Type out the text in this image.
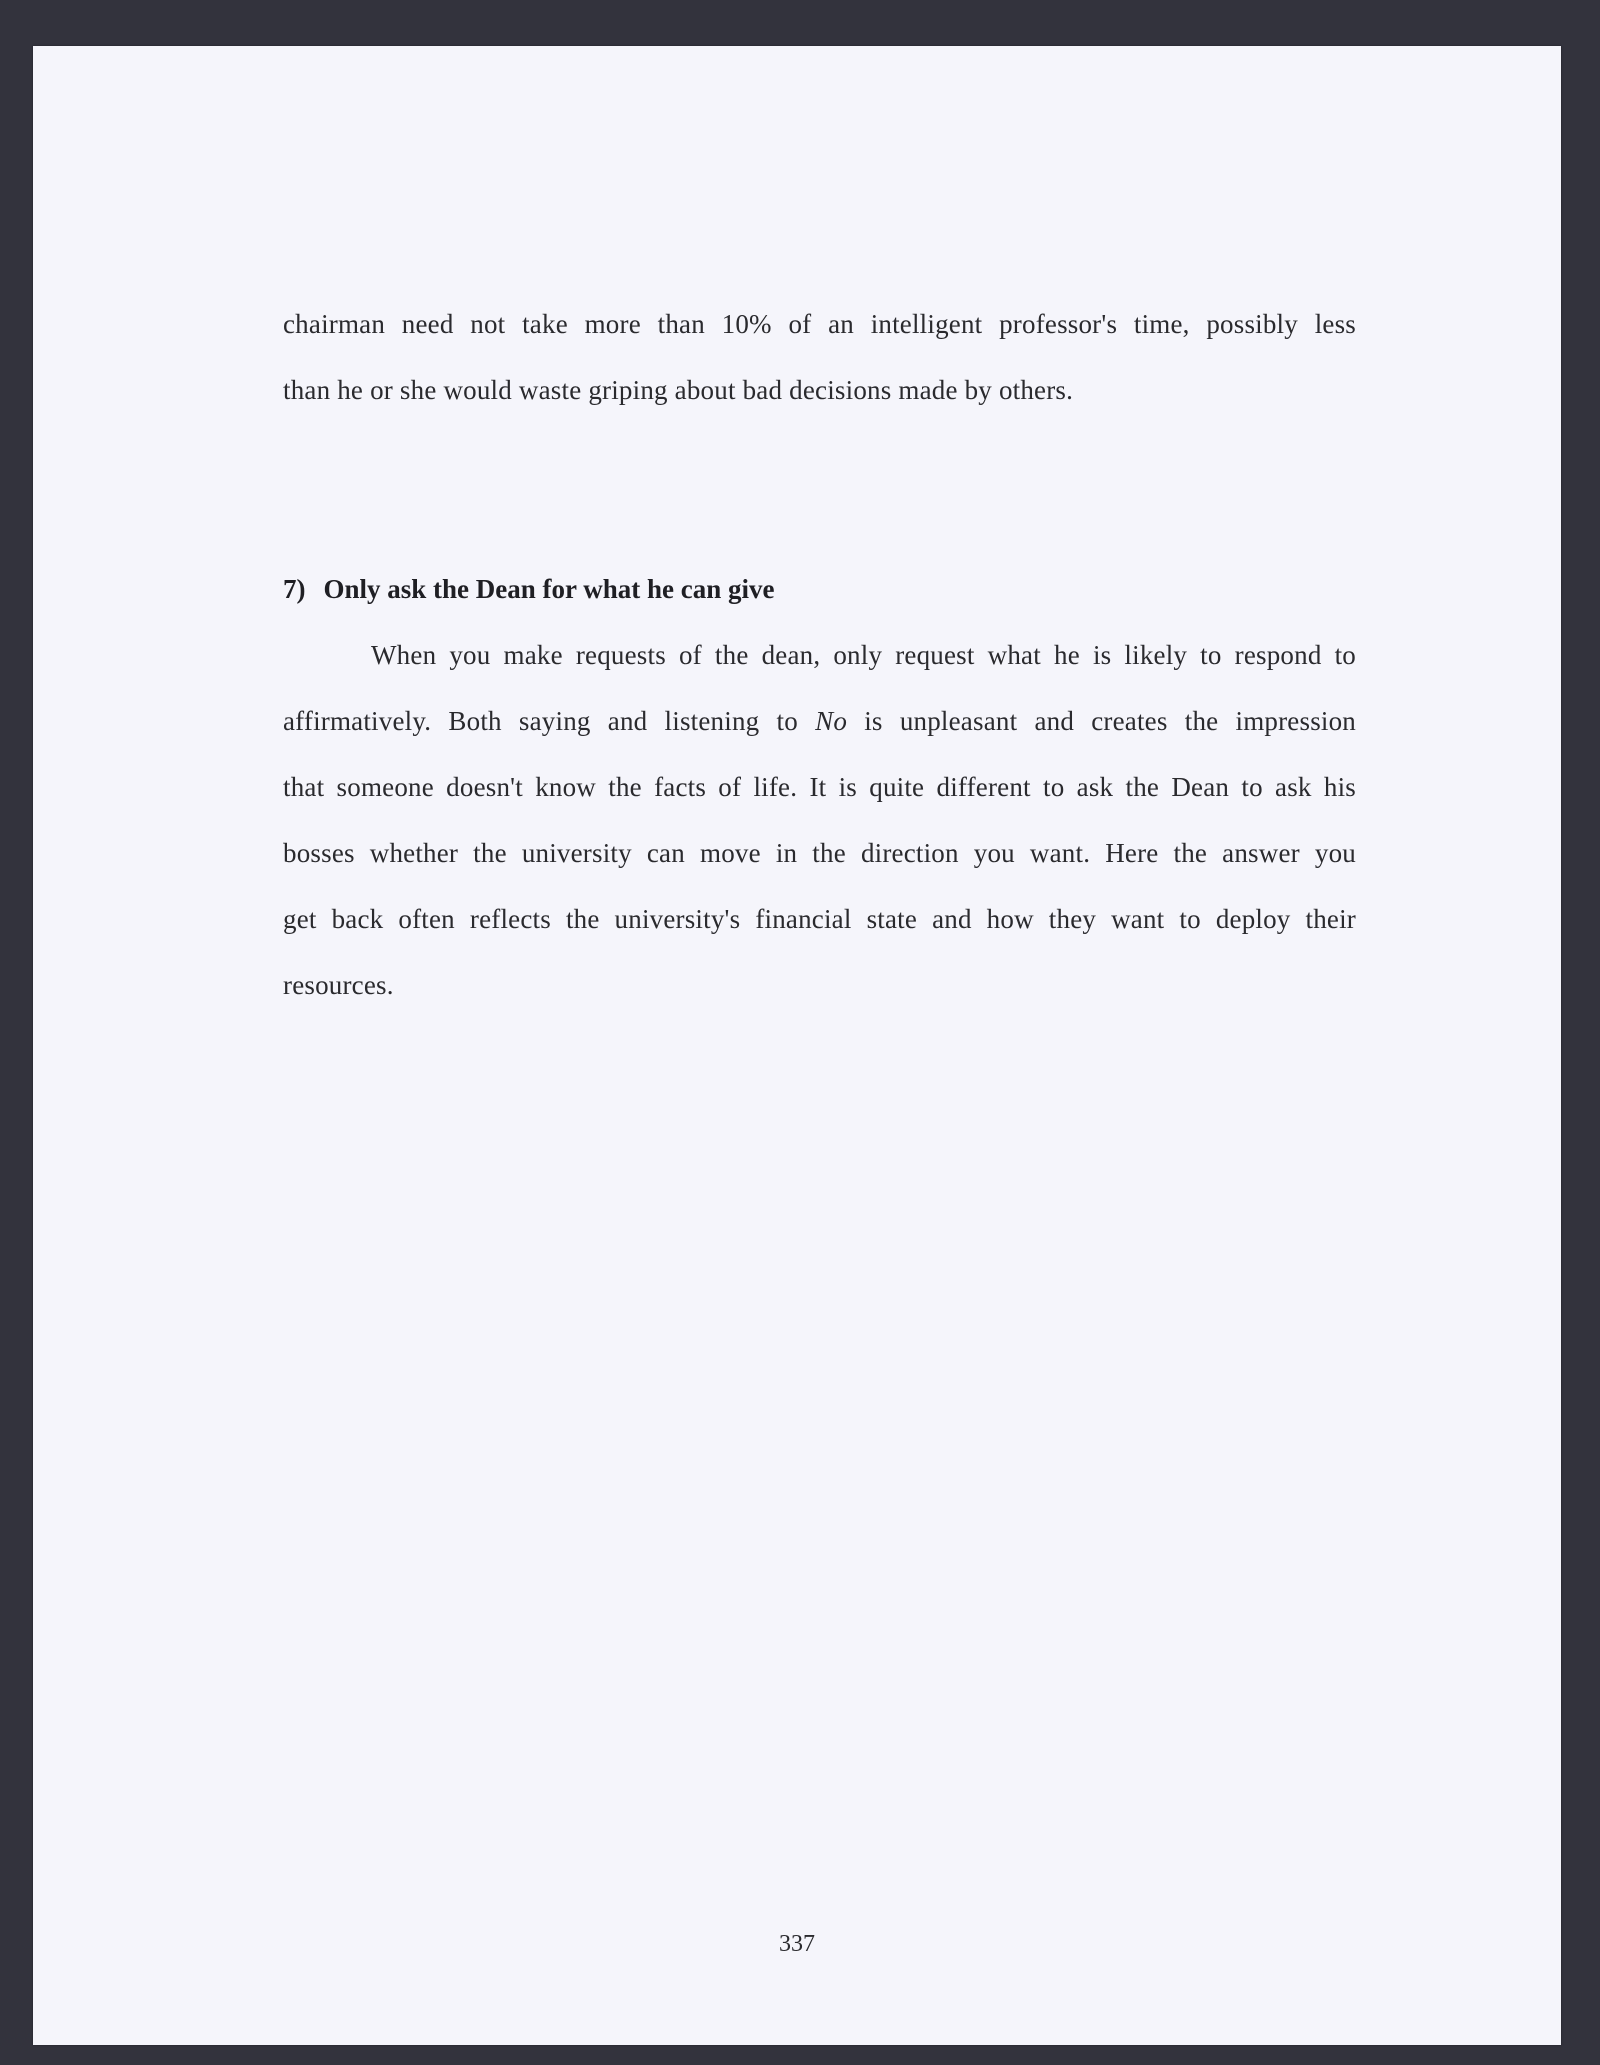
chairman need not take more than 10% of an intelligent professor's time, possibly less
than he or she would waste griping about bad decisions made by others.
7) Only ask the Dean for what he can give
When you make requests of the dean, only request what he is likely to respond to
affirmatively. Both saying and listening to No is unpleasant and creates the impression
that someone doesn't know the facts of life. It is quite different to ask the Dean to ask his
bosses whether the university can move in the direction you want. Here the answer you
get back often reflects the university's financial state and how they want to deploy their
resources.
337
